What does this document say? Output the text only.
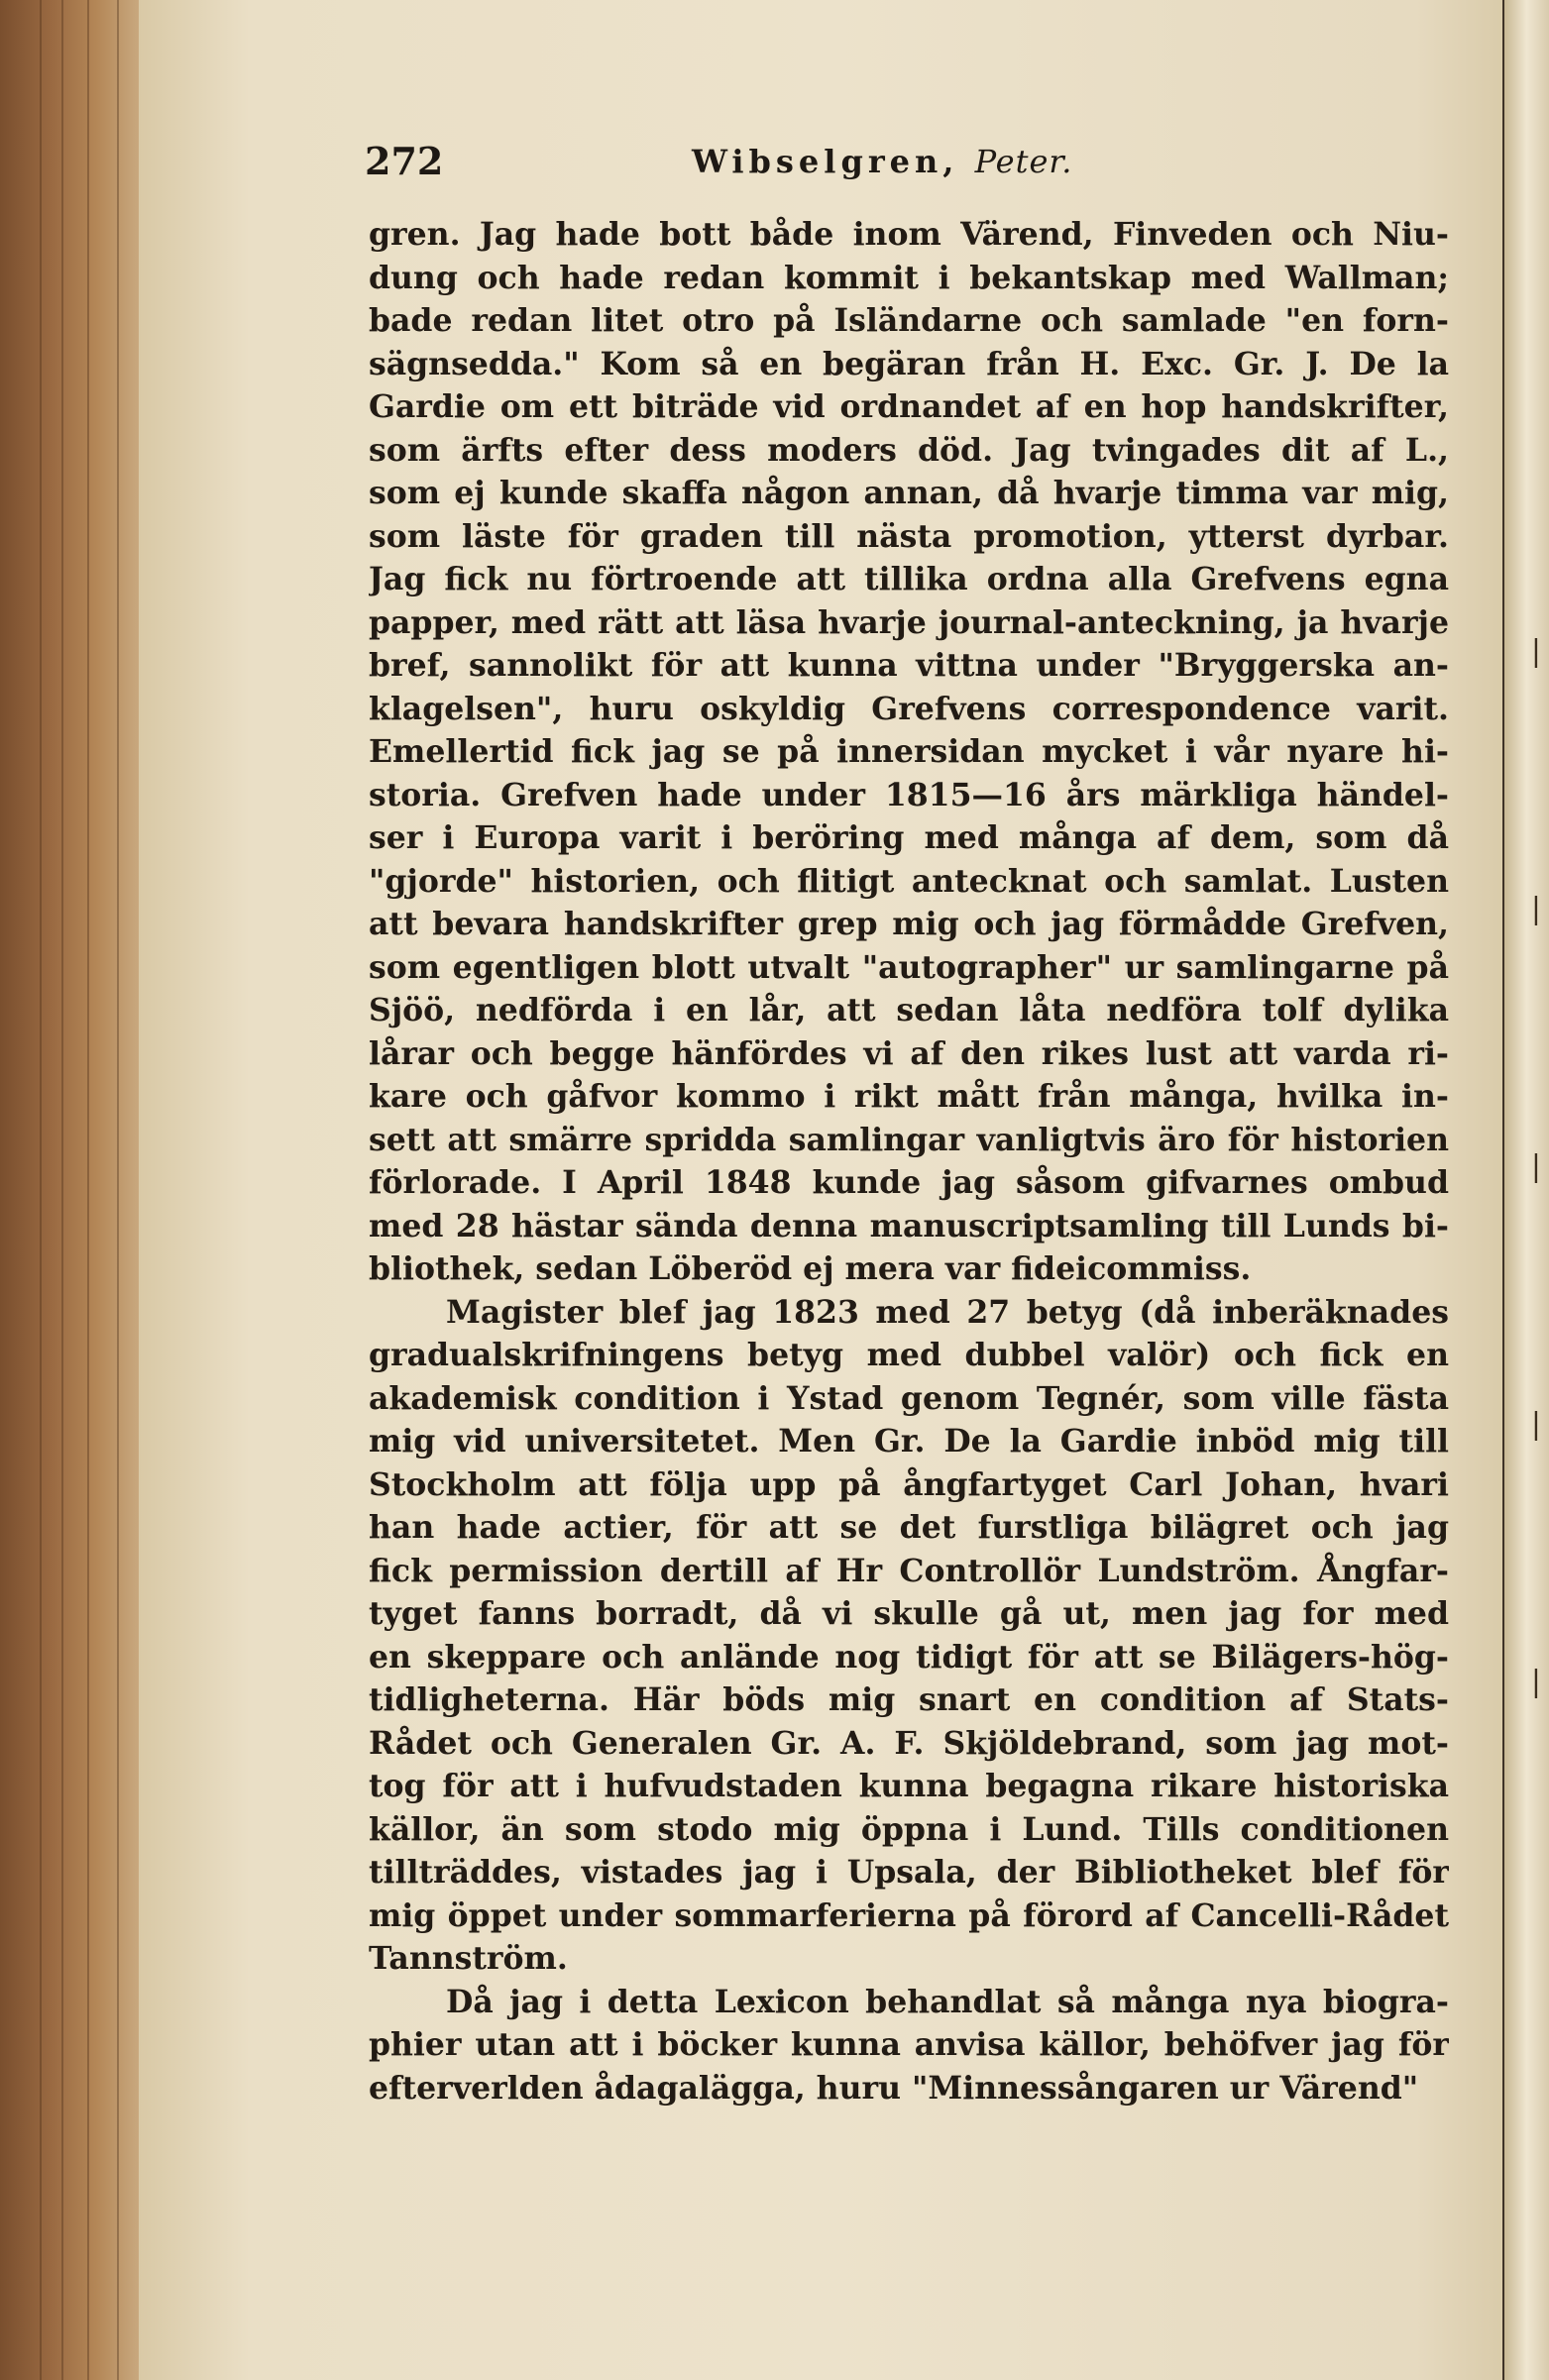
|
|
|
|
|
272	Wibselgren, Peter.
gren. Jag hade bott både inom Värend, Finveden och Niu-
dung och hade redan kommit i bekantskap med Wallman;
bade redan litet otro på Isländarne och samlade "en forn-
sägnsedda." Kom så en begäran från H. Exc. Gr. J. De la
Gardie om ett biträde vid ordnandet af en hop handskrifter,
som ärfts efter dess moders död. Jag tvingades dit af L.,
som ej kunde skaffa någon annan, då hvarje timma var mig,
som läste för graden till nästa promotion, ytterst dyrbar.
Jag fick nu förtroende att tillika ordna alla Grefvens egna
papper, med rätt att läsa hvarje journal-anteckning, ja hvarje
bref, sannolikt för att kunna vittna under "Bryggerska an-
klagelsen", huru oskyldig Grefvens correspondence varit.
Emellertid fick jag se på innersidan mycket i vår nyare hi-
storia. Grefven hade under 1815—16 års märkliga händel-
ser i Europa varit i beröring med många af dem, som då
"gjorde" historien, och flitigt antecknat och samlat. Lusten
att bevara handskrifter grep mig och jag förmådde Grefven,
som egentligen blott utvalt "autographer" ur samlingarne på
Sjöö, nedförda i en lår, att sedan låta nedföra tolf dylika
lårar och begge hänfördes vi af den rikes lust att varda ri-
kare och gåfvor kommo i rikt mått från många, hvilka in-
sett att smärre spridda samlingar vanligtvis äro för historien
förlorade. I April 1848 kunde jag såsom gifvarnes ombud
med 28 hästar sända denna manuscriptsamling till Lunds bi-
bliothek, sedan Löberöd ej mera var fideicommiss.
Magister blef jag 1823 med 27 betyg (då inberäknades
gradualskrifningens betyg med dubbel valör) och fick en
akademisk condition i Ystad genom Tegnér, som ville fästa
mig vid universitetet. Men Gr. De la Gardie inböd mig till
Stockholm att följa upp på ångfartyget Carl Johan, hvari
han hade actier, för att se det furstliga bilägret och jag
fick permission dertill af Hr Controllör Lundström. Ångfar-
tyget fanns borradt, då vi skulle gå ut, men jag for med
en skeppare och anlände nog tidigt för att se Bilägers-hög-
tidligheterna. Här böds mig snart en condition af Stats-
Rådet och Generalen Gr. A. F. Skjöldebrand, som jag mot-
tog för att i hufvudstaden kunna begagna rikare historiska
källor, än som stodo mig öppna i Lund. Tills conditionen
tillträddes, vistades jag i Upsala, der Bibliotheket blef för
mig öppet under sommarferierna på förord af Cancelli-Rådet
Tannström.
Då jag i detta Lexicon behandlat så många nya biogra-
phier utan att i böcker kunna anvisa källor, behöfver jag för
efterverlden ådagalägga, huru "Minnessångaren ur Värend"
